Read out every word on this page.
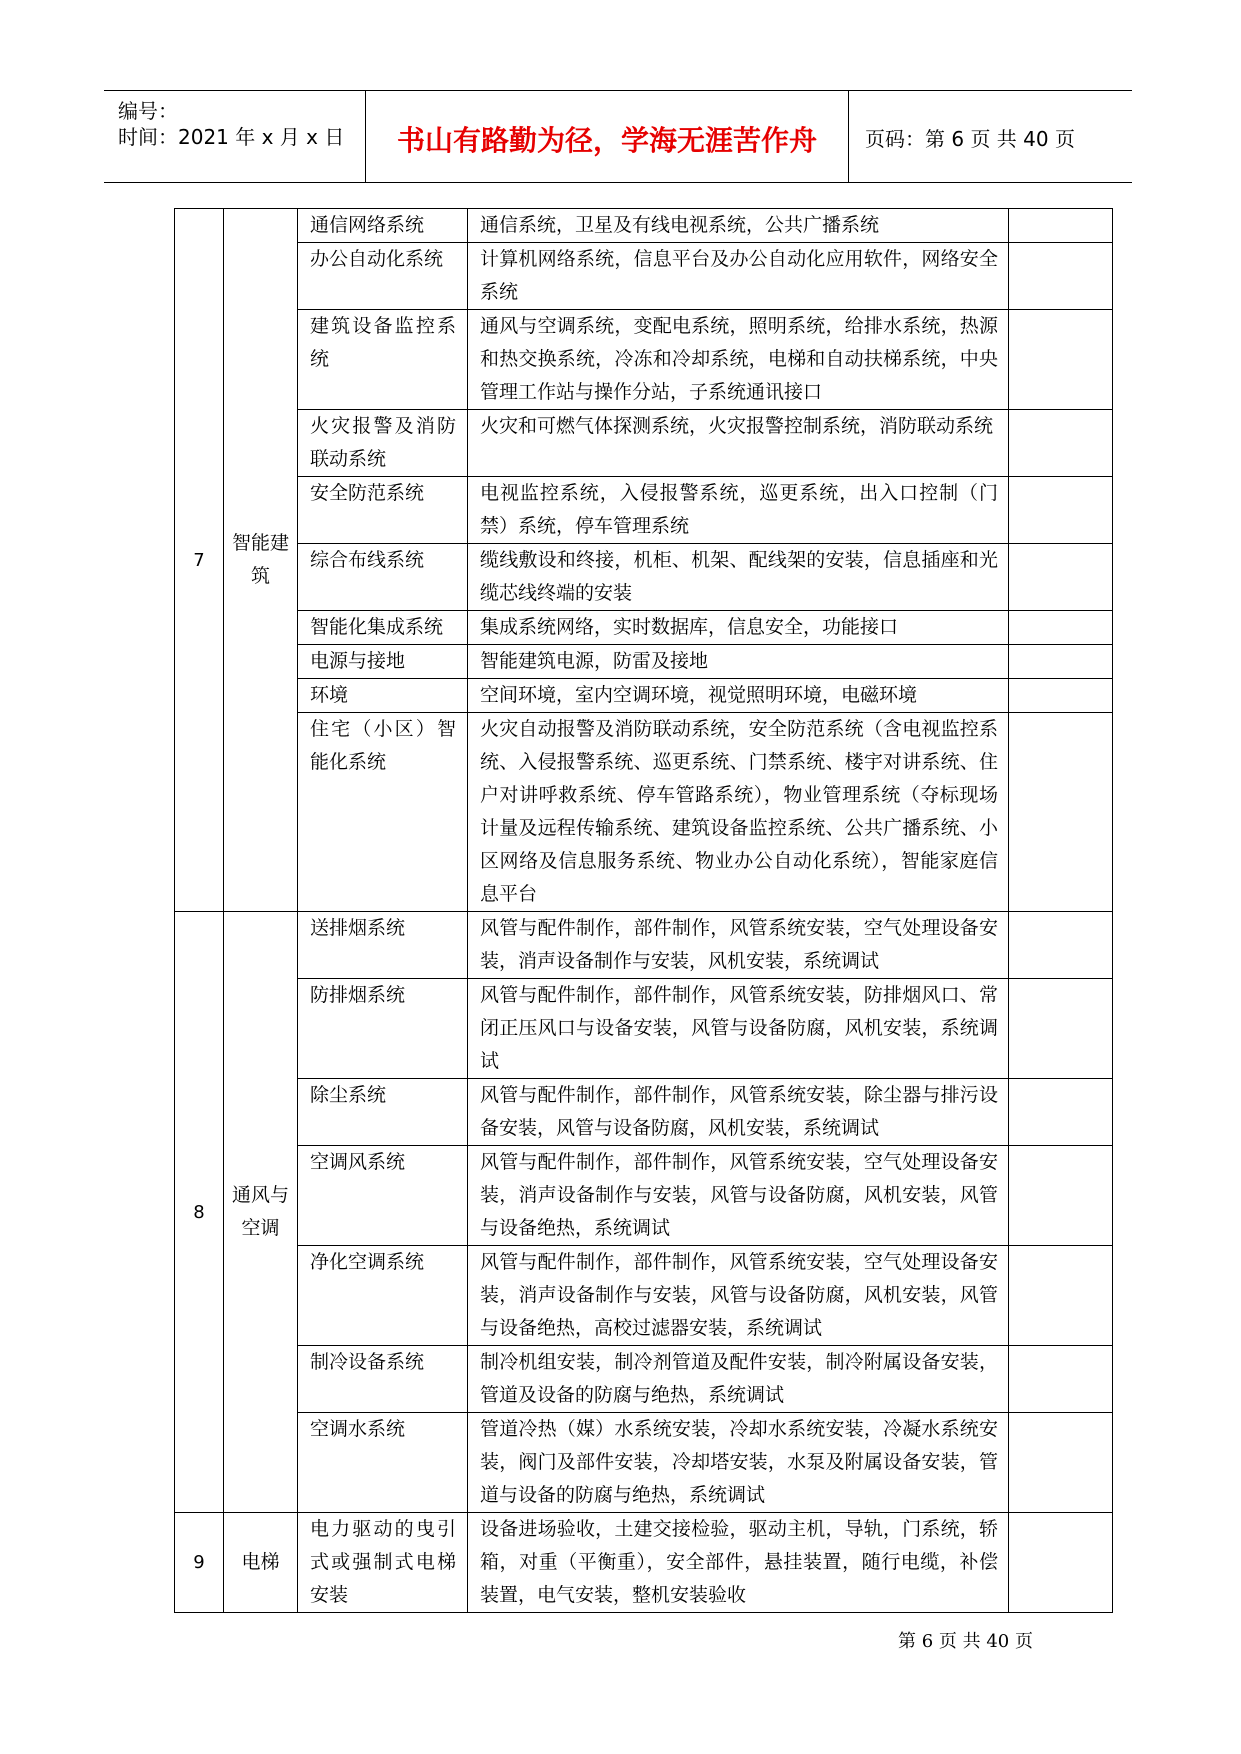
编号：
时间：2021 年 x 月 x 日	书山有路勤为径，学海无涯苦作舟	页码：第 6 页 共 40 页
7	智能建筑	通信网络系统	通信系统，卫星及有线电视系统，公共广播系统	
		办公自动化系统	计算机网络系统，信息平台及办公自动化应用软件，网络安全系统	
		建筑设备监控系统	通风与空调系统，变配电系统，照明系统，给排水系统，热源和热交换系统，冷冻和冷却系统，电梯和自动扶梯系统，中央管理工作站与操作分站，子系统通讯接口	
		火灾报警及消防联动系统	火灾和可燃气体探测系统，火灾报警控制系统，消防联动系统	
		安全防范系统	电视监控系统，入侵报警系统，巡更系统，出入口控制（门禁）系统，停车管理系统	
		综合布线系统	缆线敷设和终接，机柜、机架、配线架的安装，信息插座和光缆芯线终端的安装	
		智能化集成系统	集成系统网络，实时数据库，信息安全，功能接口	
		电源与接地	智能建筑电源，防雷及接地	
		环境	空间环境，室内空调环境，视觉照明环境，电磁环境	
		住宅（小区）智能化系统	火灾自动报警及消防联动系统，安全防范系统（含电视监控系统、入侵报警系统、巡更系统、门禁系统、楼宇对讲系统、住户对讲呼救系统、停车管路系统），物业管理系统（夺标现场计量及远程传输系统、建筑设备监控系统、公共广播系统、小区网络及信息服务系统、物业办公自动化系统），智能家庭信息平台	
8	通风与空调	送排烟系统	风管与配件制作，部件制作，风管系统安装，空气处理设备安装，消声设备制作与安装，风机安装，系统调试	
		防排烟系统	风管与配件制作，部件制作，风管系统安装，防排烟风口、常闭正压风口与设备安装，风管与设备防腐，风机安装，系统调试	
		除尘系统	风管与配件制作，部件制作，风管系统安装，除尘器与排污设备安装，风管与设备防腐，风机安装，系统调试	
		空调风系统	风管与配件制作，部件制作，风管系统安装，空气处理设备安装，消声设备制作与安装，风管与设备防腐，风机安装，风管与设备绝热，系统调试	
		净化空调系统	风管与配件制作，部件制作，风管系统安装，空气处理设备安装，消声设备制作与安装，风管与设备防腐，风机安装，风管与设备绝热，高校过滤器安装，系统调试	
		制冷设备系统	制冷机组安装，制冷剂管道及配件安装，制冷附属设备安装，管道及设备的防腐与绝热，系统调试	
		空调水系统	管道冷热（媒）水系统安装，冷却水系统安装，冷凝水系统安装，阀门及部件安装，冷却塔安装，水泵及附属设备安装，管道与设备的防腐与绝热，系统调试	
9	电梯	电力驱动的曳引式或强制式电梯安装	设备进场验收，土建交接检验，驱动主机，导轨，门系统，轿箱，对重（平衡重），安全部件，悬挂装置，随行电缆，补偿装置，电气安装，整机安装验收	
第 6 页 共 40 页
